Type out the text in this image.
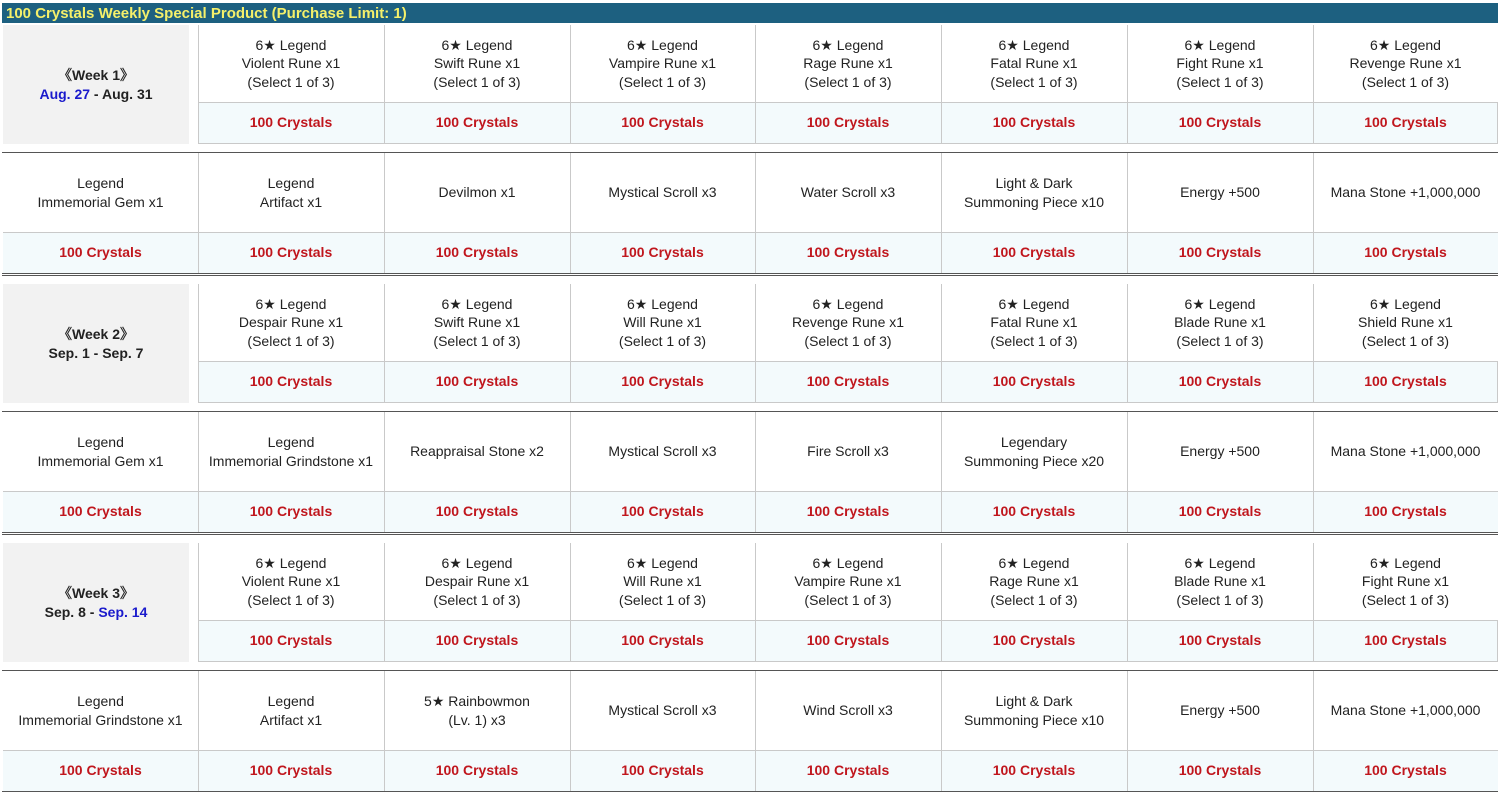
100 Crystals Weekly Special Product (Purchase Limit: 1)
《Week 1》
Aug. 27 - Aug. 31
6★ Legend
Violent Rune x1
(Select 1 of 3)
100 Crystals
6★ Legend
Swift Rune x1
(Select 1 of 3)
100 Crystals
6★ Legend
Vampire Rune x1
(Select 1 of 3)
100 Crystals
6★ Legend
Rage Rune x1
(Select 1 of 3)
100 Crystals
6★ Legend
Fatal Rune x1
(Select 1 of 3)
100 Crystals
6★ Legend
Fight Rune x1
(Select 1 of 3)
100 Crystals
6★ Legend
Revenge Rune x1
(Select 1 of 3)
100 Crystals
Legend
Immemorial Gem x1
100 Crystals
Legend
Artifact x1
100 Crystals
Devilmon x1
100 Crystals
Mystical Scroll x3
100 Crystals
Water Scroll x3
100 Crystals
Light & Dark
Summoning Piece x10
100 Crystals
Energy +500
100 Crystals
Mana Stone +1,000,000
100 Crystals
《Week 2》
Sep. 1 - Sep. 7
6★ Legend
Despair Rune x1
(Select 1 of 3)
100 Crystals
6★ Legend
Swift Rune x1
(Select 1 of 3)
100 Crystals
6★ Legend
Will Rune x1
(Select 1 of 3)
100 Crystals
6★ Legend
Revenge Rune x1
(Select 1 of 3)
100 Crystals
6★ Legend
Fatal Rune x1
(Select 1 of 3)
100 Crystals
6★ Legend
Blade Rune x1
(Select 1 of 3)
100 Crystals
6★ Legend
Shield Rune x1
(Select 1 of 3)
100 Crystals
Legend
Immemorial Gem x1
100 Crystals
Legend
Immemorial Grindstone x1
100 Crystals
Reappraisal Stone x2
100 Crystals
Mystical Scroll x3
100 Crystals
Fire Scroll x3
100 Crystals
Legendary
Summoning Piece x20
100 Crystals
Energy +500
100 Crystals
Mana Stone +1,000,000
100 Crystals
《Week 3》
Sep. 8 - Sep. 14
6★ Legend
Violent Rune x1
(Select 1 of 3)
100 Crystals
6★ Legend
Despair Rune x1
(Select 1 of 3)
100 Crystals
6★ Legend
Will Rune x1
(Select 1 of 3)
100 Crystals
6★ Legend
Vampire Rune x1
(Select 1 of 3)
100 Crystals
6★ Legend
Rage Rune x1
(Select 1 of 3)
100 Crystals
6★ Legend
Blade Rune x1
(Select 1 of 3)
100 Crystals
6★ Legend
Fight Rune x1
(Select 1 of 3)
100 Crystals
Legend
Immemorial Grindstone x1
100 Crystals
Legend
Artifact x1
100 Crystals
5★ Rainbowmon
(Lv. 1) x3
100 Crystals
Mystical Scroll x3
100 Crystals
Wind Scroll x3
100 Crystals
Light & Dark
Summoning Piece x10
100 Crystals
Energy +500
100 Crystals
Mana Stone +1,000,000
100 Crystals
